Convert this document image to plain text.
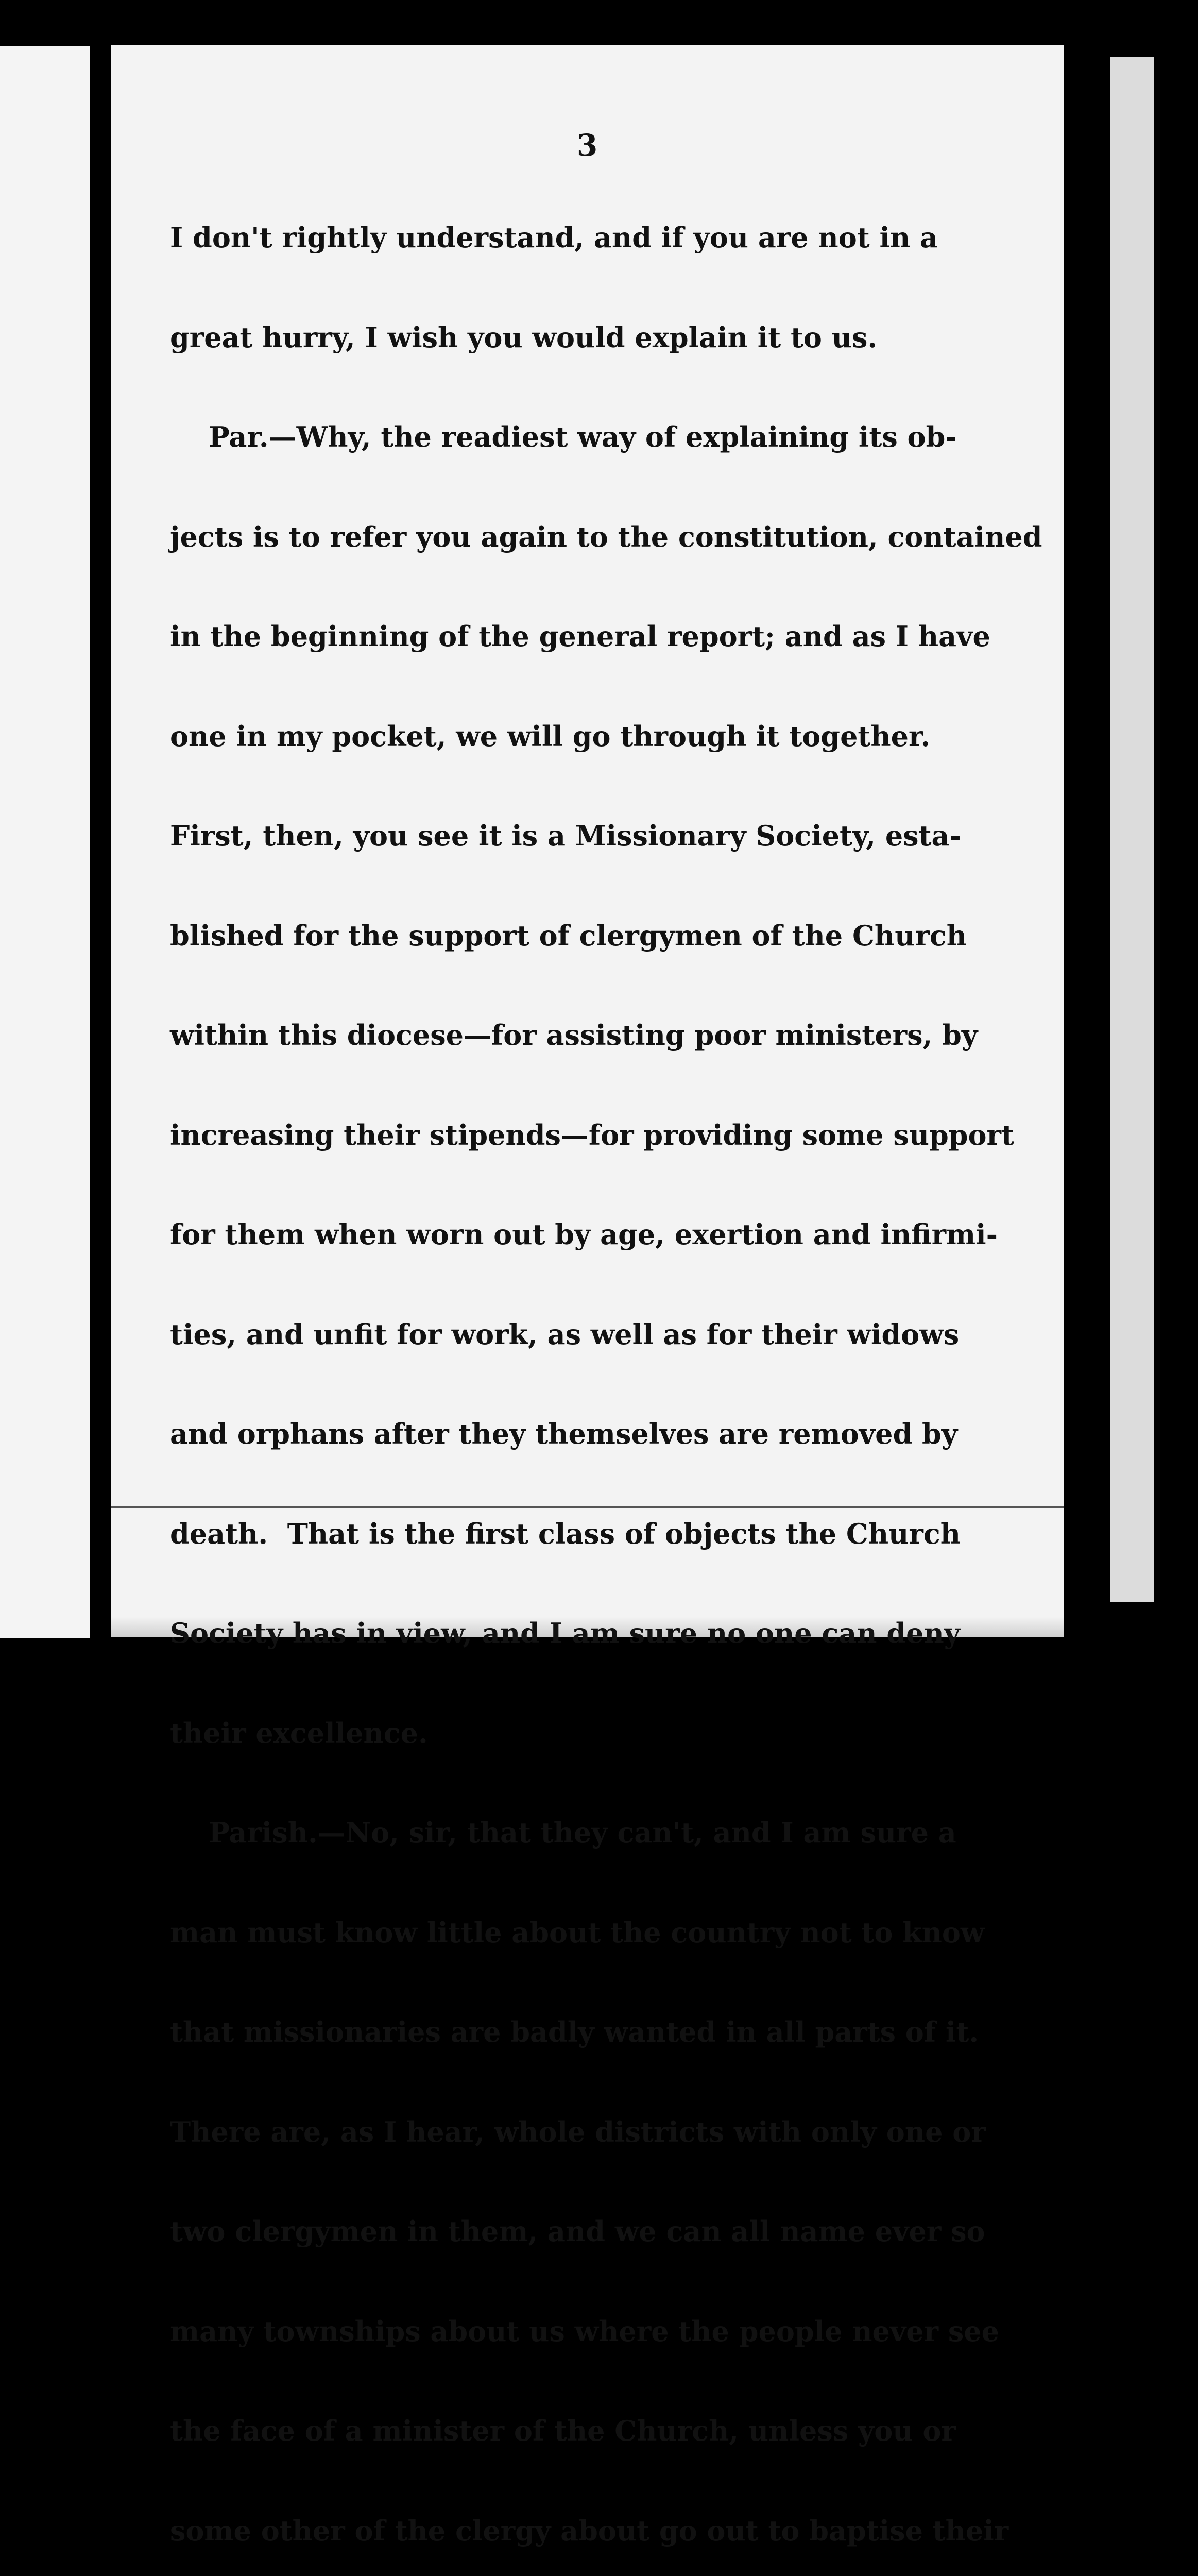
3

I don't rightly understand, and if you are not in a

great hurry, I wish you would explain it to us.

Par.—Why, the readiest way of explaining its ob-

jects is to refer you again to the constitution, contained

in the beginning of the general report; and as I have

one in my pocket, we will go through it together.

First, then, you see it is a Missionary Society, esta-

blished for the support of clergymen of the Church

within this diocese—for assisting poor ministers, by

increasing their stipends—for providing some support

for them when worn out by age, exertion and infirmi-

ties, and unfit for work, as well as for their widows

and orphans after they themselves are removed by

death.  That is the first class of objects the Church

Society has in view, and I am sure no one can deny

their excellence.

Parish.—No, sir, that they can't, and I am sure a

man must know little about the country not to know

that missionaries are badly wanted in all parts of it.

There are, as I hear, whole districts with only one or

two clergymen in them, and we can all name ever so

many townships about us where the people never see

the face of a minister of the Church, unless you or

some other of the clergy about go out to baptise their
